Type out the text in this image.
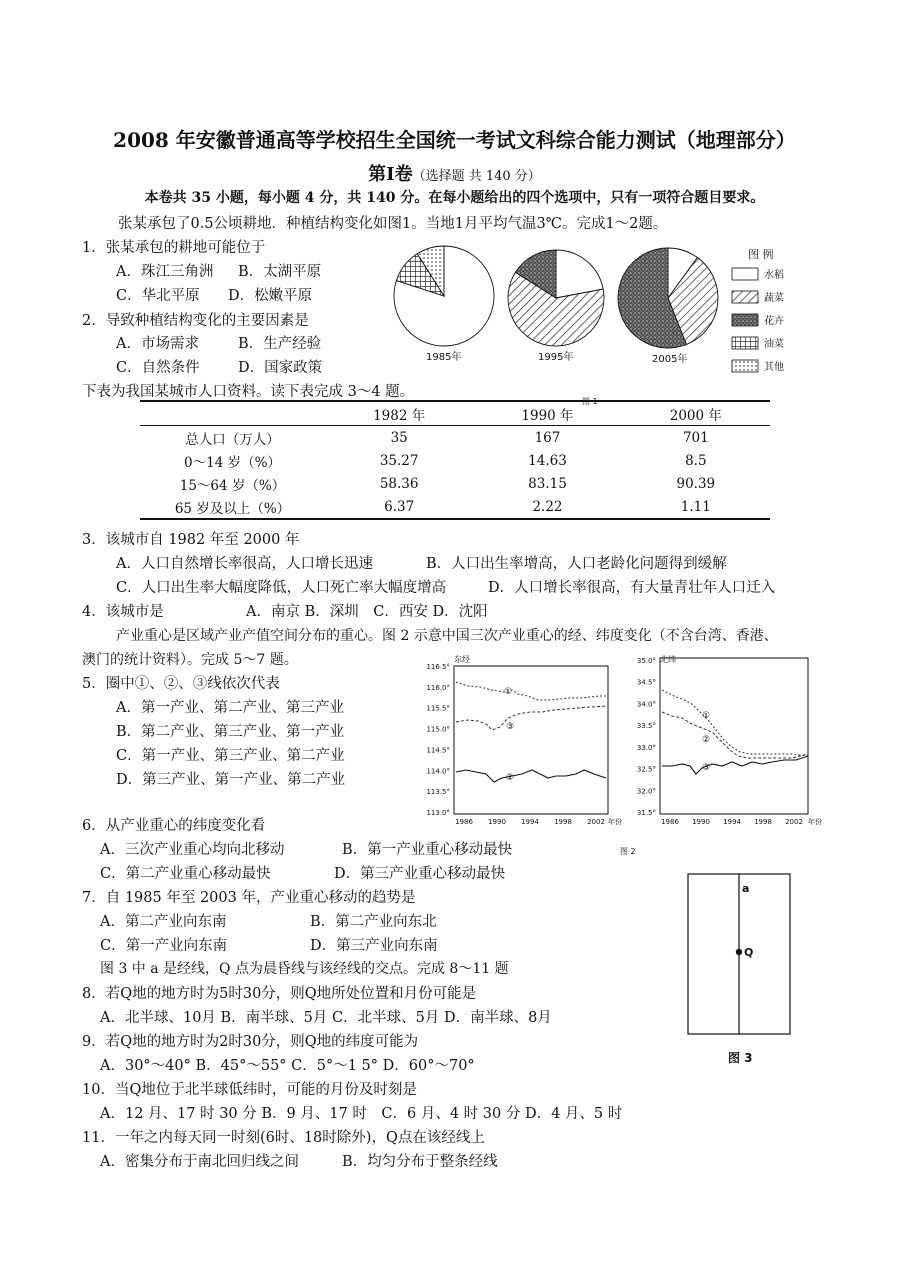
2008 年安徽普通高等学校招生全国统一考试文科综合能力测试（地理部分）
第Ⅰ卷（选择题 共 140 分）
本卷共 35 小题，每小题 4 分，共 140 分。在每小题给出的四个选项中，只有一项符合题目要求。
张某承包了0.5公顷耕地．种植结构变化如图1。当地1月平均气温3℃。完成1～2题。
1．张某承包的耕地可能位于
A．珠江三角洲 B．太湖平原
C．华北平原 D．松嫩平原
2．导致种植结构变化的主要因素是
A．市场需求	B．生产经验
C．自然条件	D．国家政策
1985年	1995年	2005年
图 例
水稻
蔬菜
花卉
油菜
其他
图 1
下表为我国某城市人口资料。读下表完成 3～4 题。
	1982 年	1990 年	2000 年
总人口（万人）	35	167	701
0～14 岁（%）	35.27	14.63	8.5
15～64 岁（%）	58.36	83.15	90.39
65 岁及以上（%）	6.37	2.22	1.11
3．该城市自 1982 年至 2000 年
A．人口自然增长率很高，人口增长迅速	B．人口出生率增高，人口老龄化问题得到缓解
C．人口出生率大幅度降低，人口死亡率大幅度增高	D．人口增长率很高，有大量青壮年人口迁入
4．该城市是	A．南京 B．深圳　C．西安 D．沈阳
产业重心是区域产业产值空间分布的重心。图 2 示意中国三次产业重心的经、纬度变化（不含台湾、香港、
澳门的统计资料）。完成 5～7 题。
5．圈中①、②、③线依次代表
A．第一产业、第二产业、第三产业
B．第二产业、第三产业、第一产业
C．第一产业、第三产业、第二产业
D．第三产业、第一产业、第二产业
东经
116.5°
116.0°
115.5°
115.0°
114.5°
114.0°
113.5°
113.0°
1986 1990 1994 1998 2002 年份
①
②
③
北纬
35.0°
34.5°
34.0°
33.5°
33.0°
32.5°
32.0°
31.5°
1986 1990 1994 1998 2002 年份
①
②
③
图 2
6．从产业重心的纬度变化看
A．三次产业重心均向北移动	B．第一产业重心移动最快
C．第二产业重心移动最快	D．第三产业重心移动最快
7．自 1985 年至 2003 年，产业重心移动的趋势是
A．第二产业向东南	B．第二产业向东北
C．第一产业向东南	D．第三产业向东南
图 3 中 a 是经线，Q 点为晨昏线与该经线的交点。完成 8～11 题
a
Q
图 3
8．若Q地的地方时为5时30分，则Q地所处位置和月份可能是
A．北半球、10月 B．南半球、5月 C．北半球、5月 D．南半球、8月
9．若Q地的地方时为2时30分，则Q地的纬度可能为
A．30°～40° B．45°～55° C．5°～1 5° D．60°～70°
10．当Q地位于北半球低纬时，可能的月份及时刻是
A．12 月、17 时 30 分 B．9 月、17 时　C．6 月、4 时 30 分 D．4 月、5 时
11．一年之内每天同一时刻(6时、18时除外)，Q点在该经线上
A．密集分布于南北回归线之间	B．均匀分布于整条经线
